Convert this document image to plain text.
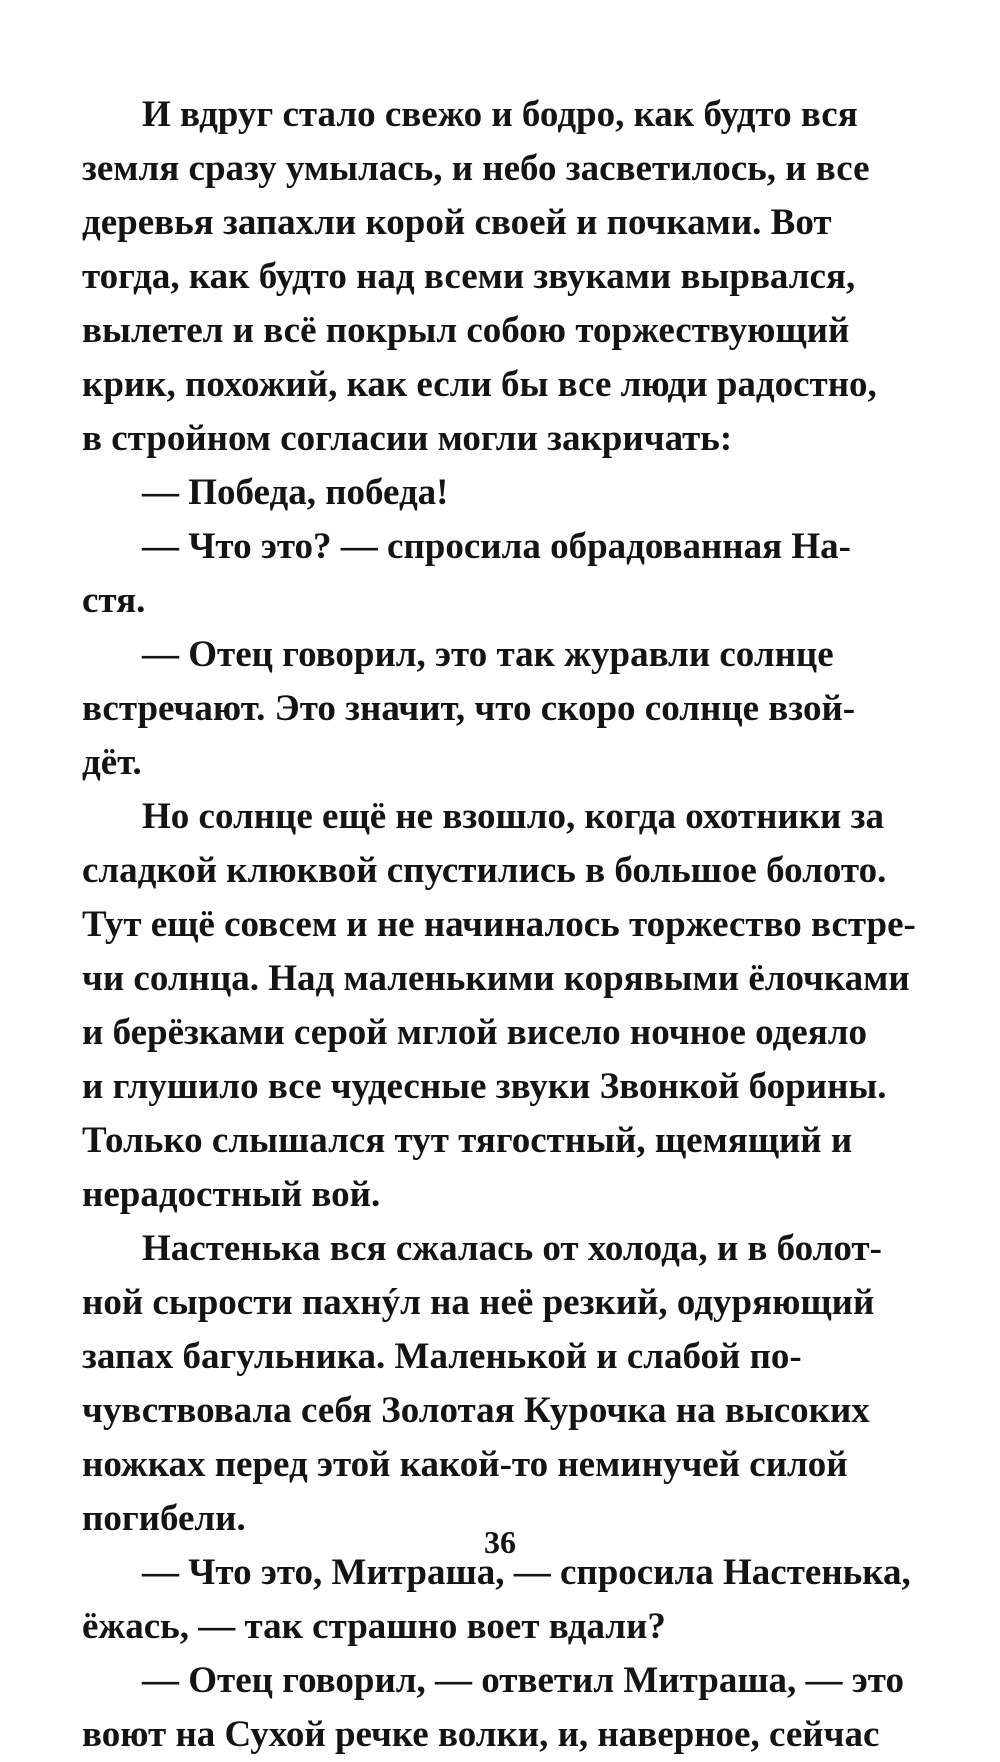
И вдруг стало свежо и бодро, как будто вся
земля сразу умылась, и небо засветилось, и все
деревья запахли корой своей и почками. Вот
тогда, как будто над всеми звуками вырвался,
вылетел и всё покрыл собою торжествующий
крик, похожий, как если бы все люди радостно,
в стройном согласии могли закричать:

— Победа, победа!

— Что это? — спросила обрадованная На-
стя.

— Отец говорил, это так журавли солнце
встречают. Это значит, что скоро солнце взой-
дёт.

Но солнце ещё не взошло, когда охотники за
сладкой клюквой спустились в большое болото.
Тут ещё совсем и не начиналось торжество встре-
чи солнца. Над маленькими корявыми ёлочками
и берёзками серой мглой висело ночное одеяло
и глушило все чудесные звуки Звонкой борины.
Только слышался тут тягостный, щемящий и
нерадостный вой.

Настенька вся сжалась от холода, и в болот-
ной сырости пахнýл на неё резкий, одуряющий
запах багульника. Маленькой и слабой по-
чувствовала себя Золотая Курочка на высоких
ножках перед этой какой-то неминучей силой
погибели.

— Что это, Митраша, — спросила Настенька,
ёжась, — так страшно воет вдали?

— Отец говорил, — ответил Митраша, — это
воют на Сухой речке волки, и, наверное, сейчас

36
